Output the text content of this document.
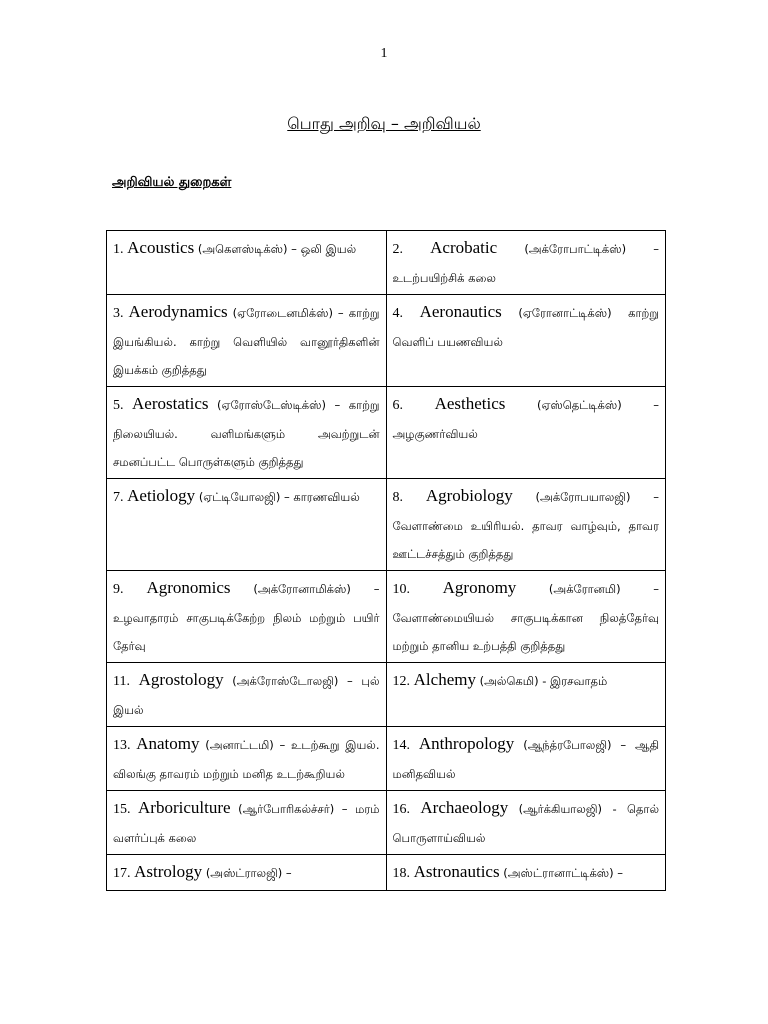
1
பொது அறிவு – அறிவியல்
அறிவியல் துறைகள்
1. Acoustics (அகௌஸ்டிக்ஸ்) – ஒலி இயல்	2. Acrobatic (அக்ரோபாட்டிக்ஸ்) – உடற்பயிற்சிக் கலை
3. Aerodynamics (ஏரோடைனமிக்ஸ்) – காற்று இயங்கியல். காற்று வெளியில் வானூர்திகளின் இயக்கம் குறித்தது	4. Aeronautics (ஏரோனாட்டிக்ஸ்) காற்று வெளிப் பயணவியல்
5. Aerostatics (ஏரோஸ்டேஸ்டிக்ஸ்) – காற்று நிலையியல். வளிமங்களும் அவற்றுடன் சமனப்பட்ட பொருள்களும் குறித்தது	6. Aesthetics (ஏஸ்தெட்டிக்ஸ்) – அழகுணர்வியல்
7. Aetiology (ஏட்டியோலஜி) – காரணவியல்	8. Agrobiology (அக்ரோபயாலஜி) – வேளாண்மை உயிரியல். தாவர வாழ்வும், தாவர ஊட்டச்சத்தும் குறித்தது
9. Agronomics (அக்ரோனாமிக்ஸ்) – உழவாதாரம் சாகுபடிக்கேற்ற நிலம் மற்றும் பயிர் தேர்வு	10. Agronomy (அக்ரோனமி) – வேளாண்மையியல் சாகுபடிக்கான நிலத்தேர்வு மற்றும் தானிய உற்பத்தி குறித்தது
11. Agrostology (அக்ரோஸ்டோலஜி) – புல் இயல்	12. Alchemy (அல்கெமி) - இரசவாதம்
13. Anatomy (அனாட்டமி) – உடற்கூறு இயல். விலங்கு தாவரம் மற்றும் மனித உடற்கூறியல்	14. Anthropology (ஆந்த்ரபோலஜி) – ஆதி மனிதவியல்
15. Arboriculture (ஆர்போரிகல்ச்சர்) – மரம் வளர்ப்புக் கலை	16. Archaeology (ஆர்க்கியாலஜி) - தொல் பொருளாய்வியல்
17. Astrology (அஸ்ட்ராலஜி) –	18. Astronautics (அஸ்ட்ரானாட்டிக்ஸ்) –
